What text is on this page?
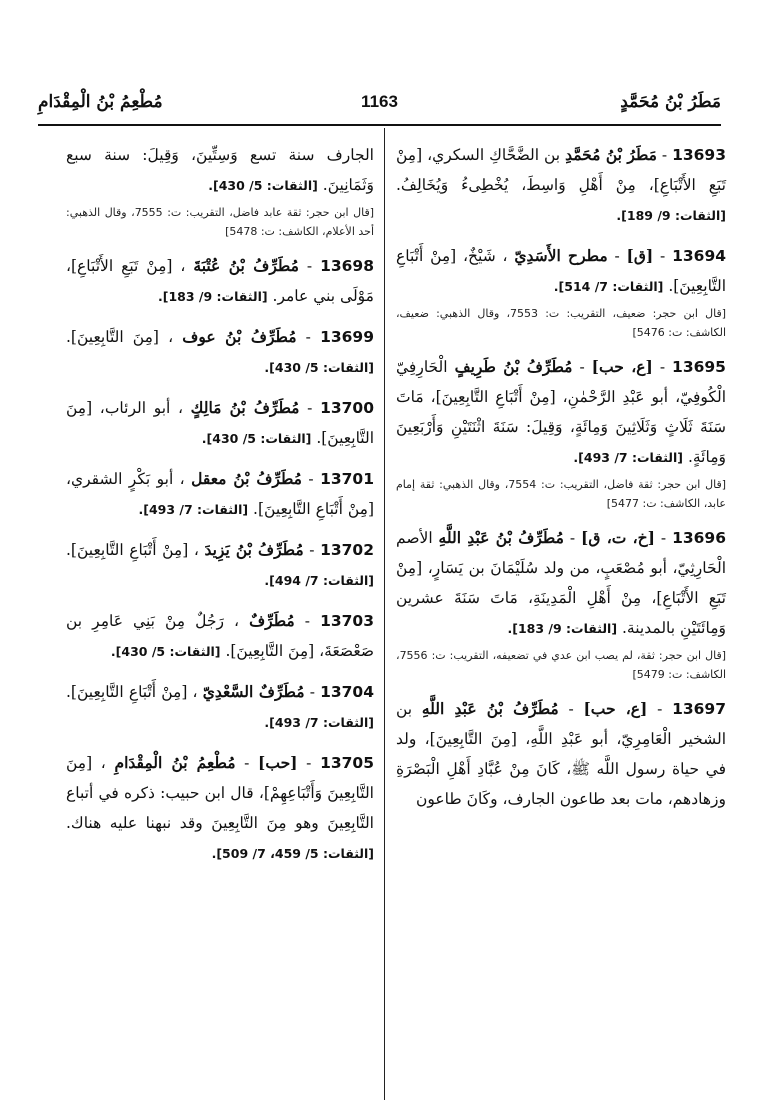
مَطَرُ بْنُ مُحَمَّدٍ
1163
مُطْعِمُ بْنُ الْمِقْدَامِ

13693 - مَطَرُ بْنُ مُحَمَّدِ بن الضَّحَّاكِ السكري، [مِنْ تَبَعِ الأَتْبَاعِ]، مِنْ أَهْلِ وَاسِطَ، يُخْطِىءُ وَيُخَالِفُ. [الثقات: 9/ 189].

13694 - [ق] - مطرح الأَسَدِيّ ، شَيْخٌ، [مِنْ أَتْبَاعِ التَّابِعِينَ]. [الثقات: 7/ 514].

[قال ابن حجر: ضعيف، التقريب: ت: 7553، وقال الذهبي: ضعيف، الكاشف: ت: 5476]

13695 - [ع، حب] - مُطَرِّفُ بْنُ طَرِيفٍ الْحَارِفِيّ الْكُوفِيّ، أبو عَبْدِ الرَّحْمٰنِ، [مِنْ أَتْبَاعِ التَّابِعِينَ]، مَاتَ سَنَةَ ثَلَاثٍ وَثَلَاثِينَ وَمِائَةٍ، وَقِيلَ: سَنَةَ اثْنَتَيْنِ وَأَرْبَعِينَ وَمِائَةٍ. [الثقات: 7/ 493].

[قال ابن حجر: ثقة فاضل، التقريب: ت: 7554، وقال الذهبي: ثقة إمام عابد، الكاشف: ت: 5477]

13696 - [خ، ت، ق] - مُطَرِّفُ بْنُ عَبْدِ اللَّهِ الأصم الْحَارِثِيّ، أبو مُصْعَبٍ، من ولد سُلَيْمَانَ بن يَسَارٍ، [مِنْ تَبَعِ الأَتْبَاعِ]، مِنْ أَهْلِ الْمَدِينَةِ، مَاتَ سَنَةَ عشرين وَمِائَتَيْنِ بالمدينة. [الثقات: 9/ 183].

[قال ابن حجر: ثقة، لم يصب ابن عدي في تضعيفه، التقريب: ت: 7556، الكاشف: ت: 5479]

13697 - [ع، حب] - مُطَرِّفُ بْنُ عَبْدِ اللَّهِ بن الشخير الْعَامِرِيّ، أبو عَبْدِ اللَّهِ، [مِنَ التَّابِعِينَ]، ولد في حياة رسول اللَّه ﷺ، كَانَ مِنْ عُبَّادِ أَهْلِ الْبَصْرَةِ وزهادهم، مات بعد طاعون الجارف، وكَانَ طاعون

الجارف سنة تسع وَسِتِّينَ، وَقِيلَ: سنة سبع وَثَمَانِينَ. [الثقات: 5/ 430].

[قال ابن حجر: ثقة عابد فاضل، التقريب: ت: 7555، وقال الذهبي: أحد الأعلام، الكاشف: ت: 5478]

13698 - مُطَرِّفُ بْنُ عُتْبَةَ ، [مِنْ تَبَعِ الأَتْبَاعِ]، مَوْلَى بني عامر. [الثقات: 9/ 183].

13699 - مُطَرِّفُ بْنُ عوف ، [مِنَ التَّابِعِينَ]. [الثقات: 5/ 430].

13700 - مُطَرِّفُ بْنُ مَالِكٍ ، أبو الرئاب، [مِنَ التَّابِعِينَ]. [الثقات: 5/ 430].

13701 - مُطَرِّفُ بْنُ معقل ، أبو بَكْرٍ الشقري، [مِنْ أَتْبَاعِ التَّابِعِينَ]. [الثقات: 7/ 493].

13702 - مُطَرِّفُ بْنُ يَزِيدَ ، [مِنْ أَتْبَاعِ التَّابِعِينَ]. [الثقات: 7/ 494].

13703 - مُطَرِّفٌ ، رَجُلٌ مِنْ بَنِي عَامِرِ بن صَعْصَعَةَ، [مِنَ التَّابِعِينَ]. [الثقات: 5/ 430].

13704 - مُطَرِّفٌ السَّعْدِيّ ، [مِنْ أَتْبَاعِ التَّابِعِينَ]. [الثقات: 7/ 493].

13705 - [حب] - مُطْعِمُ بْنُ الْمِقْدَامِ ، [مِنَ التَّابِعِينَ وَأَتْبَاعِهِمْ]، قال ابن حبيب: ذكره في أتباع التَّابِعِينَ وهو مِنَ التَّابِعِينَ وقد نبهنا عليه هناك. [الثقات: 5/ 459، 7/ 509].
